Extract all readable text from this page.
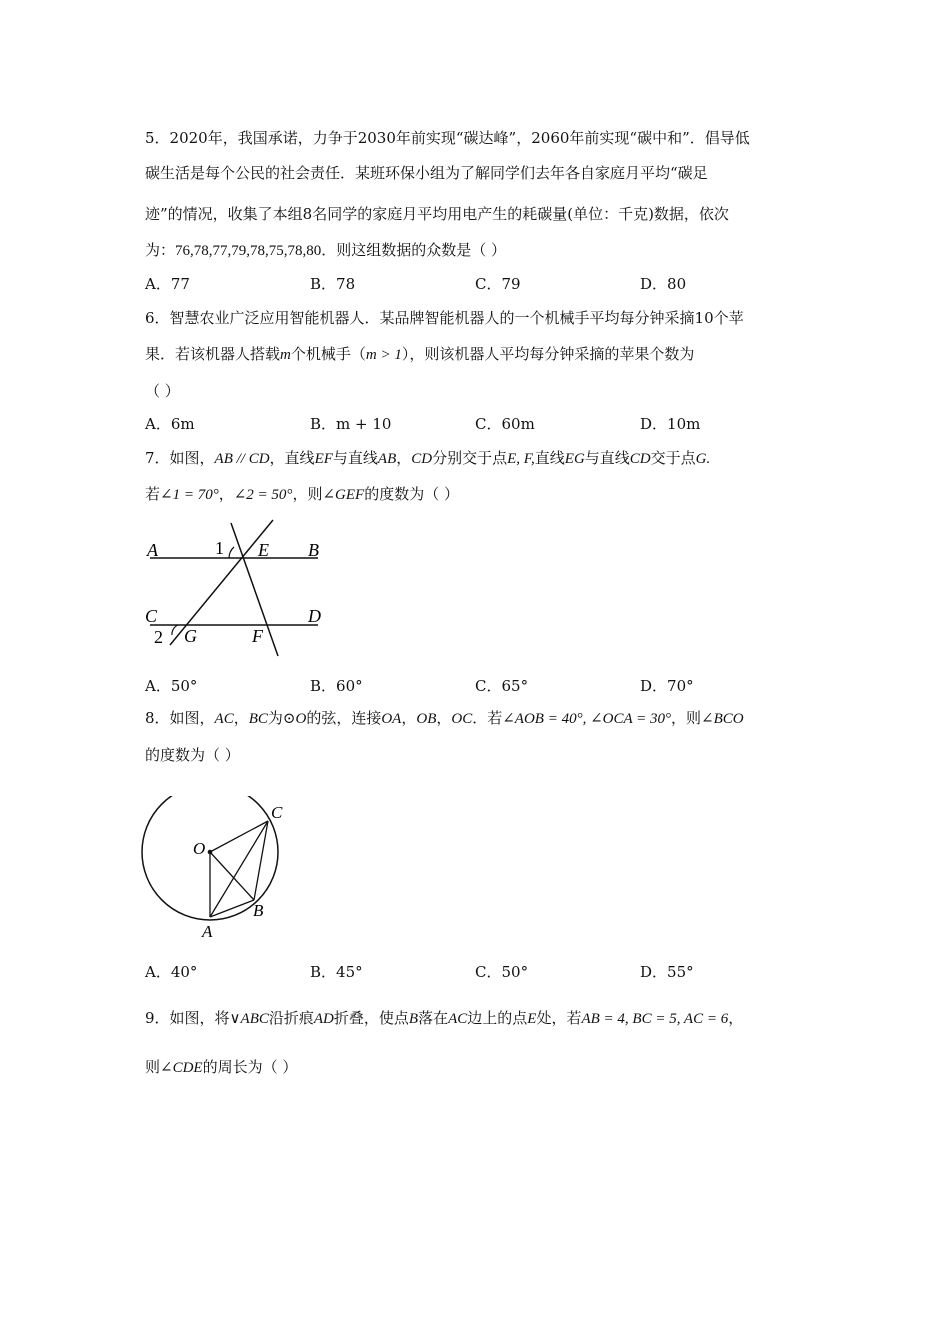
5．2020年，我国承诺，力争于2030年前实现“碳达峰”，2060年前实现“碳中和”．倡导低
碳生活是每个公民的社会责任．某班环保小组为了解同学们去年各自家庭月平均“碳足
迹”的情况，收集了本组8名同学的家庭月平均用电产生的耗碳量(单位：千克)数据，依次
为：76,78,77,79,78,75,78,80．则这组数据的众数是（ ）
A．77	B．78	C．79	D．80
6．智慧农业广泛应用智能机器人．某品牌智能机器人的一个机械手平均每分钟采摘10个苹
果．若该机器人搭载m个机械手（m > 1），则该机器人平均每分钟采摘的苹果个数为
（ ）
A．6m	B．m + 10	C．60m	D．10m
7．如图，AB // CD，直线EF与直线AB，CD分别交于点E, F,直线EG与直线CD交于点G.
若∠1 = 70°，∠2 = 50°，则∠GEF的度数为（ ）
A	B
C	D
E
F
G
1
2
A．50°	B．60°	C．65°	D．70°
8．如图，AC，BC为⊙O的弦，连接OA，OB，OC．若∠AOB = 40°, ∠OCA = 30°，则∠BCO
的度数为（ ）
O
A
B
C
A．40°	B．45°	C．50°	D．55°
9．如图，将∨ABC沿折痕AD折叠，使点B落在AC边上的点E处，若AB = 4, BC = 5, AC = 6，
则∠CDE的周长为（ ）
